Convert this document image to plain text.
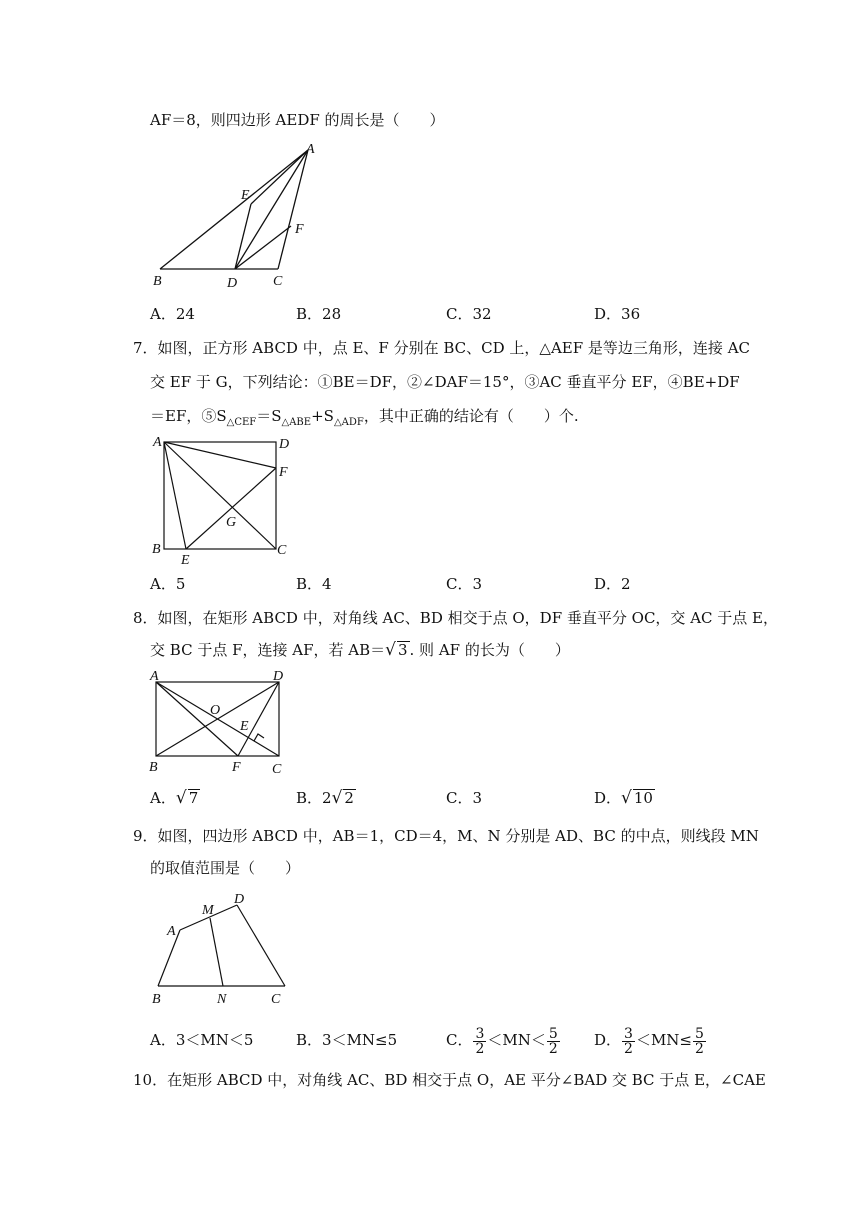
AF＝8，则四边形 AEDF 的周长是（　　）
A
E
F
B	D	C
A．24	B．28	C．32	D．36
7．如图，正方形 ABCD 中，点 E、F 分别在 BC、CD 上，△AEF 是等边三角形，连接 AC
交 EF 于 G，下列结论：①BE＝DF，②∠DAF＝15°，③AC 垂直平分 EF，④BE+DF
＝EF，$⑤S_{\triangle CEF}=S_{\triangle ABE}+S_{\triangle ADF}$，其中正确的结论有（　　）个.
A	D
F
G
B
E
C
A．5	B．4	C．3	D．2
8．如图，在矩形 ABCD 中，对角线 AC、BD 相交于点 O，DF 垂直平分 OC，交 AC 于点 E，
交 BC 于点 F，连接 AF，若 AB＝√ 3 . 则 AF 的长为（　　）
A	D
O
E
B	F C
A．√ 7	B．2√ 2	C．3	D．√ 10
9．如图，四边形 ABCD 中，AB＝1，CD＝4，M、N 分别是 AD、BC 的中点，则线段 MN
的取值范围是（　　）
D
M
A
B	N	C
A．3＜MN＜5	B．3＜MN≤5	C． $\frac{3}{2} <MN< \frac{5}{2}$ D． $\frac{3}{2} <MN\le \frac{5}{2}$
10．在矩形 ABCD 中，对角线 AC、BD 相交于点 O，AE 平分∠BAD 交 BC 于点 E，∠CAE
